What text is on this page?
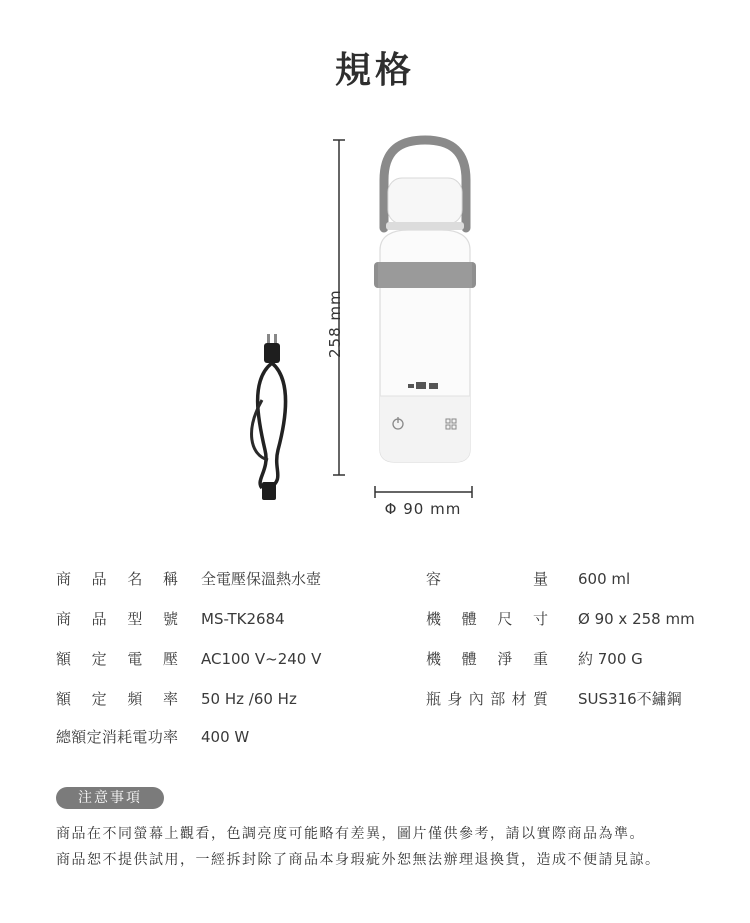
規格
258 mm
Φ 90 mm
商品名稱 全電壓保溫熱水壺
商品型號 MS-TK2684
額定電壓 AC100 V~240 V
額定頻率 50 Hz /60 Hz
總額定消耗電功率 400 W
容量 600 ml
機體尺寸 Ø 90 x 258 mm
機體淨重 約 700 G
瓶身內部材質 SUS316不鏽鋼
注意事項
商品在不同螢幕上觀看，色調亮度可能略有差異，圖片僅供參考，請以實際商品為準。
商品恕不提供試用，一經拆封除了商品本身瑕疵外恕無法辦理退換貨，造成不便請見諒。
